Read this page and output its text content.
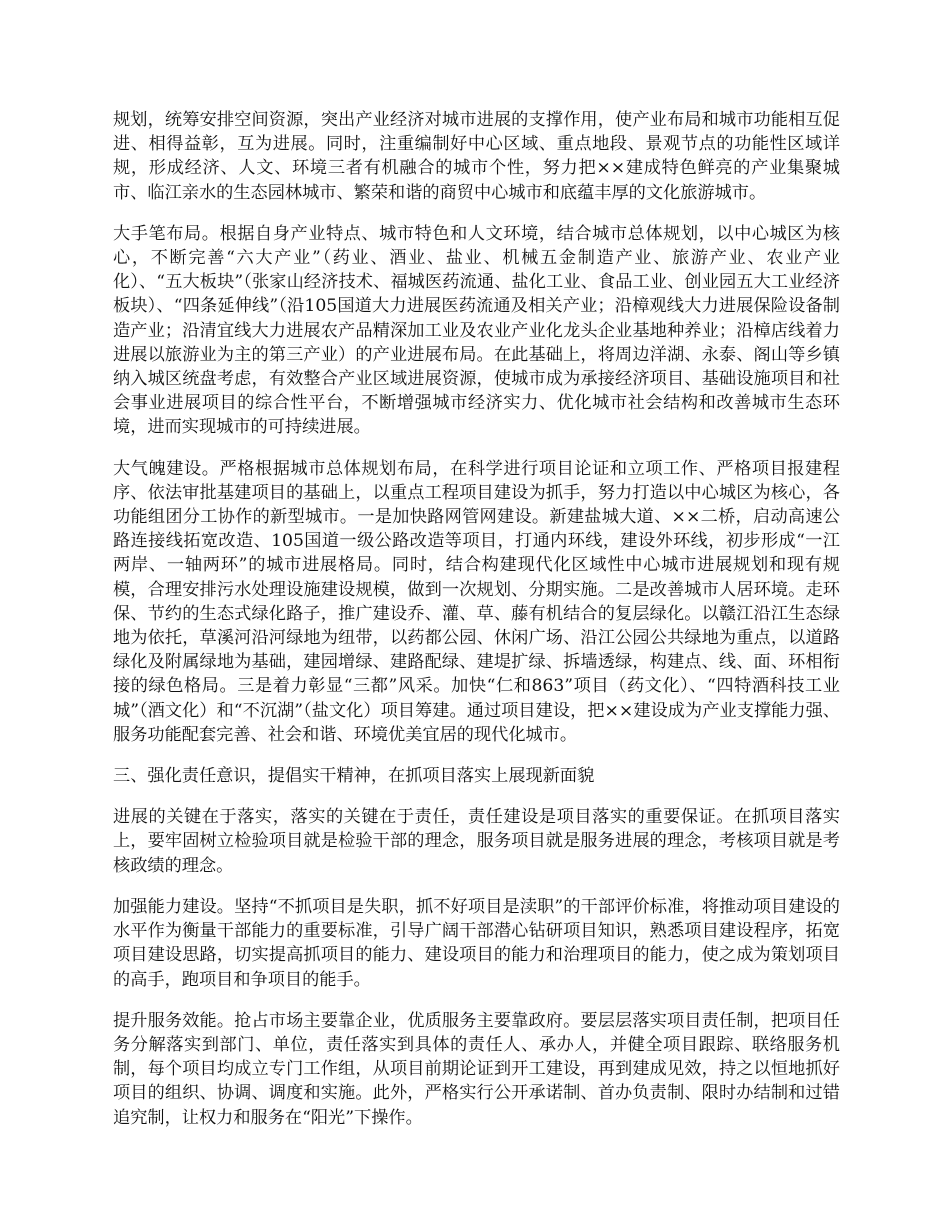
规划，统筹安排空间资源，突出产业经济对城市进展的支撑作用，使产业布局和城市功能相互促进、相得益彰，互为进展。同时，注重编制好中心区域、重点地段、景观节点的功能性区域详规，形成经济、人文、环境三者有机融合的城市个性，努力把××建成特色鲜亮的产业集聚城市、临江亲水的生态园林城市、繁荣和谐的商贸中心城市和底蕴丰厚的文化旅游城市。

大手笔布局。根据自身产业特点、城市特色和人文环境，结合城市总体规划，以中心城区为核心，不断完善“六大产业”（药业、酒业、盐业、机械五金制造产业、旅游产业、农业产业化）、“五大板块”（张家山经济技术、福城医药流通、盐化工业、食品工业、创业园五大工业经济板块）、“四条延伸线”（沿105国道大力进展医药流通及相关产业；沿樟观线大力进展保险设备制造产业；沿清宜线大力进展农产品精深加工业及农业产业化龙头企业基地种养业；沿樟店线着力进展以旅游业为主的第三产业）的产业进展布局。在此基础上，将周边洋湖、永泰、阁山等乡镇纳入城区统盘考虑，有效整合产业区域进展资源，使城市成为承接经济项目、基础设施项目和社会事业进展项目的综合性平台，不断增强城市经济实力、优化城市社会结构和改善城市生态环境，进而实现城市的可持续进展。

大气魄建设。严格根据城市总体规划布局，在科学进行项目论证和立项工作、严格项目报建程序、依法审批基建项目的基础上，以重点工程项目建设为抓手，努力打造以中心城区为核心，各功能组团分工协作的新型城市。一是加快路网管网建设。新建盐城大道、××二桥，启动高速公路连接线拓宽改造、105国道一级公路改造等项目，打通内环线，建设外环线，初步形成“一江两岸、一轴两环”的城市进展格局。同时，结合构建现代化区域性中心城市进展规划和现有规模，合理安排污水处理设施建设规模，做到一次规划、分期实施。二是改善城市人居环境。走环保、节约的生态式绿化路子，推广建设乔、灌、草、藤有机结合的复层绿化。以赣江沿江生态绿地为依托，草溪河沿河绿地为纽带，以药都公园、休闲广场、沿江公园公共绿地为重点，以道路绿化及附属绿地为基础，建园增绿、建路配绿、建堤扩绿、拆墙透绿，构建点、线、面、环相衔接的绿色格局。三是着力彰显“三都”风采。加快“仁和863”项目（药文化）、“四特酒科技工业城”（酒文化）和“不沉湖”（盐文化）项目筹建。通过项目建设，把××建设成为产业支撑能力强、服务功能配套完善、社会和谐、环境优美宜居的现代化城市。

三、强化责任意识，提倡实干精神，在抓项目落实上展现新面貌

进展的关键在于落实，落实的关键在于责任，责任建设是项目落实的重要保证。在抓项目落实上，要牢固树立检验项目就是检验干部的理念，服务项目就是服务进展的理念，考核项目就是考核政绩的理念。

加强能力建设。坚持“不抓项目是失职，抓不好项目是渎职”的干部评价标准，将推动项目建设的水平作为衡量干部能力的重要标准，引导广阔干部潜心钻研项目知识，熟悉项目建设程序，拓宽项目建设思路，切实提高抓项目的能力、建设项目的能力和治理项目的能力，使之成为策划项目的高手，跑项目和争项目的能手。

提升服务效能。抢占市场主要靠企业，优质服务主要靠政府。要层层落实项目责任制，把项目任务分解落实到部门、单位，责任落实到具体的责任人、承办人，并健全项目跟踪、联络服务机制，每个项目均成立专门工作组，从项目前期论证到开工建设，再到建成见效，持之以恒地抓好项目的组织、协调、调度和实施。此外，严格实行公开承诺制、首办负责制、限时办结制和过错追究制，让权力和服务在“阳光”下操作。
